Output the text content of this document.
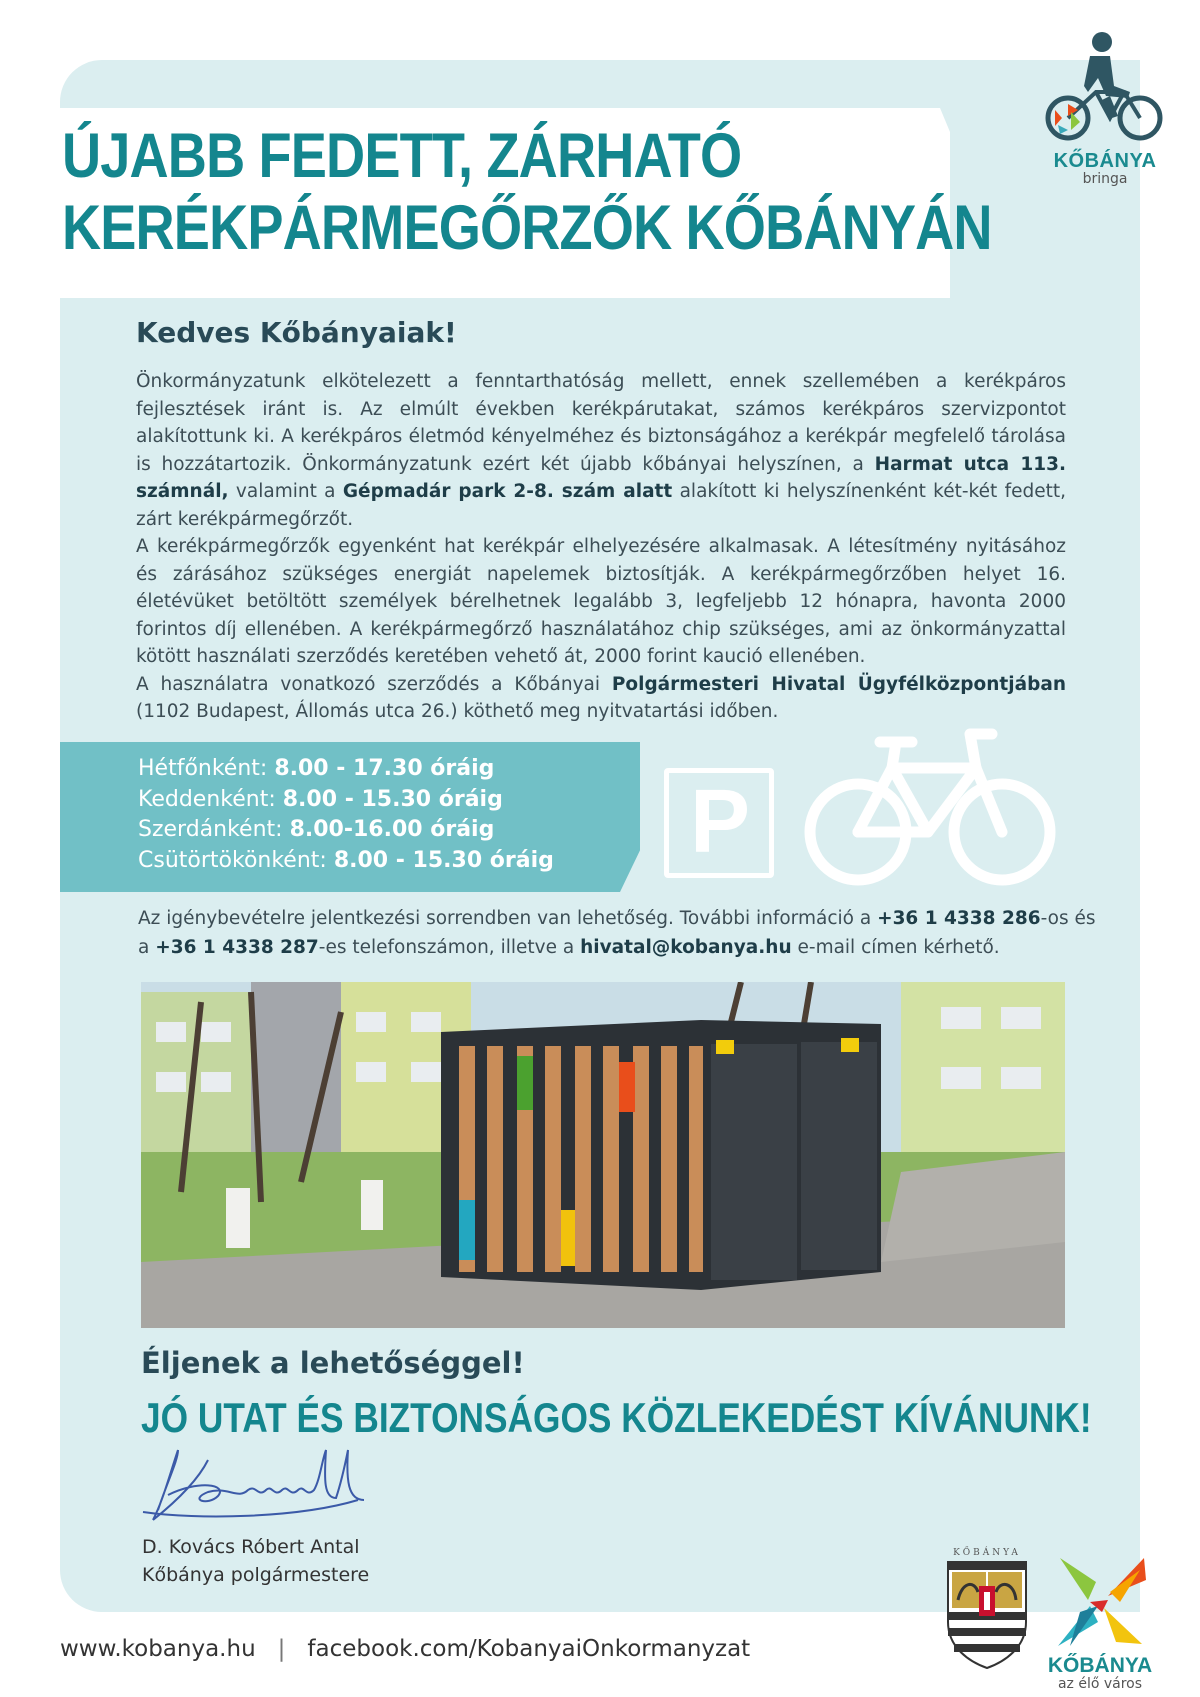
ÚJABB FEDETT, ZÁRHATÓ
KERÉKPÁRMEGŐRZŐK KŐBÁNYÁN
KŐBÁNYA
bringa
Kedves Kőbányaiak!

Önkormányzatunk elkötelezett a fenntarthatóság mellett, ennek szellemében a kerékpáros fejlesztések iránt is. Az elmúlt években kerékpárutakat, számos kerékpáros szervizpontot alakítottunk ki. A kerékpáros életmód kényelméhez és biztonságához a kerékpár megfelelő tárolása is hozzátartozik. Önkormányzatunk ezért két újabb kőbányai helyszínen, a Harmat utca 113. számnál, valamint a Gépmadár park 2-8. szám alatt alakított ki helyszínenként két-két fedett, zárt kerékpármegőrzőt.

A kerékpármegőrzők egyenként hat kerékpár elhelyezésére alkalmasak. A létesítmény nyitásához és zárásához szükséges energiát napelemek biztosítják. A kerékpármegőrzőben helyet 16. életévüket betöltött személyek bérelhetnek legalább 3, legfeljebb 12 hónapra, havonta 2000 forintos díj ellenében. A kerékpármegőrző használatához chip szükséges, ami az önkormányzattal kötött használati szerződés keretében vehető át, 2000 forint kaució ellenében.

A használatra vonatkozó szerződés a Kőbányai Polgármesteri Hivatal Ügyfélközpontjában (1102 Budapest, Állomás utca 26.) köthető meg nyitvatartási időben.

Hétfőnként: 8.00 - 17.30 óráig
Keddenként: 8.00 - 15.30 óráig
Szerdánként: 8.00-16.00 óráig
Csütörtökönként: 8.00 - 15.30 óráig P
Az igénybevételre jelentkezési sorrendben van lehetőség. További információ a +36 1 4338 286-os és a +36 1 4338 287-es telefonszámon, illetve a hivatal@kobanya.hu e-mail címen kérhető.
Éljenek a lehetőséggel!
JÓ UTAT ÉS BIZTONSÁGOS KÖZLEKEDÉST KÍVÁNUNK!
D. Kovács Róbert Antal
Kőbánya polgármestere
www.kobanya.hu | facebook.com/KobanyaiOnkormanyzat
KŐBÁNYA
KŐBÁNYA
az élő város
